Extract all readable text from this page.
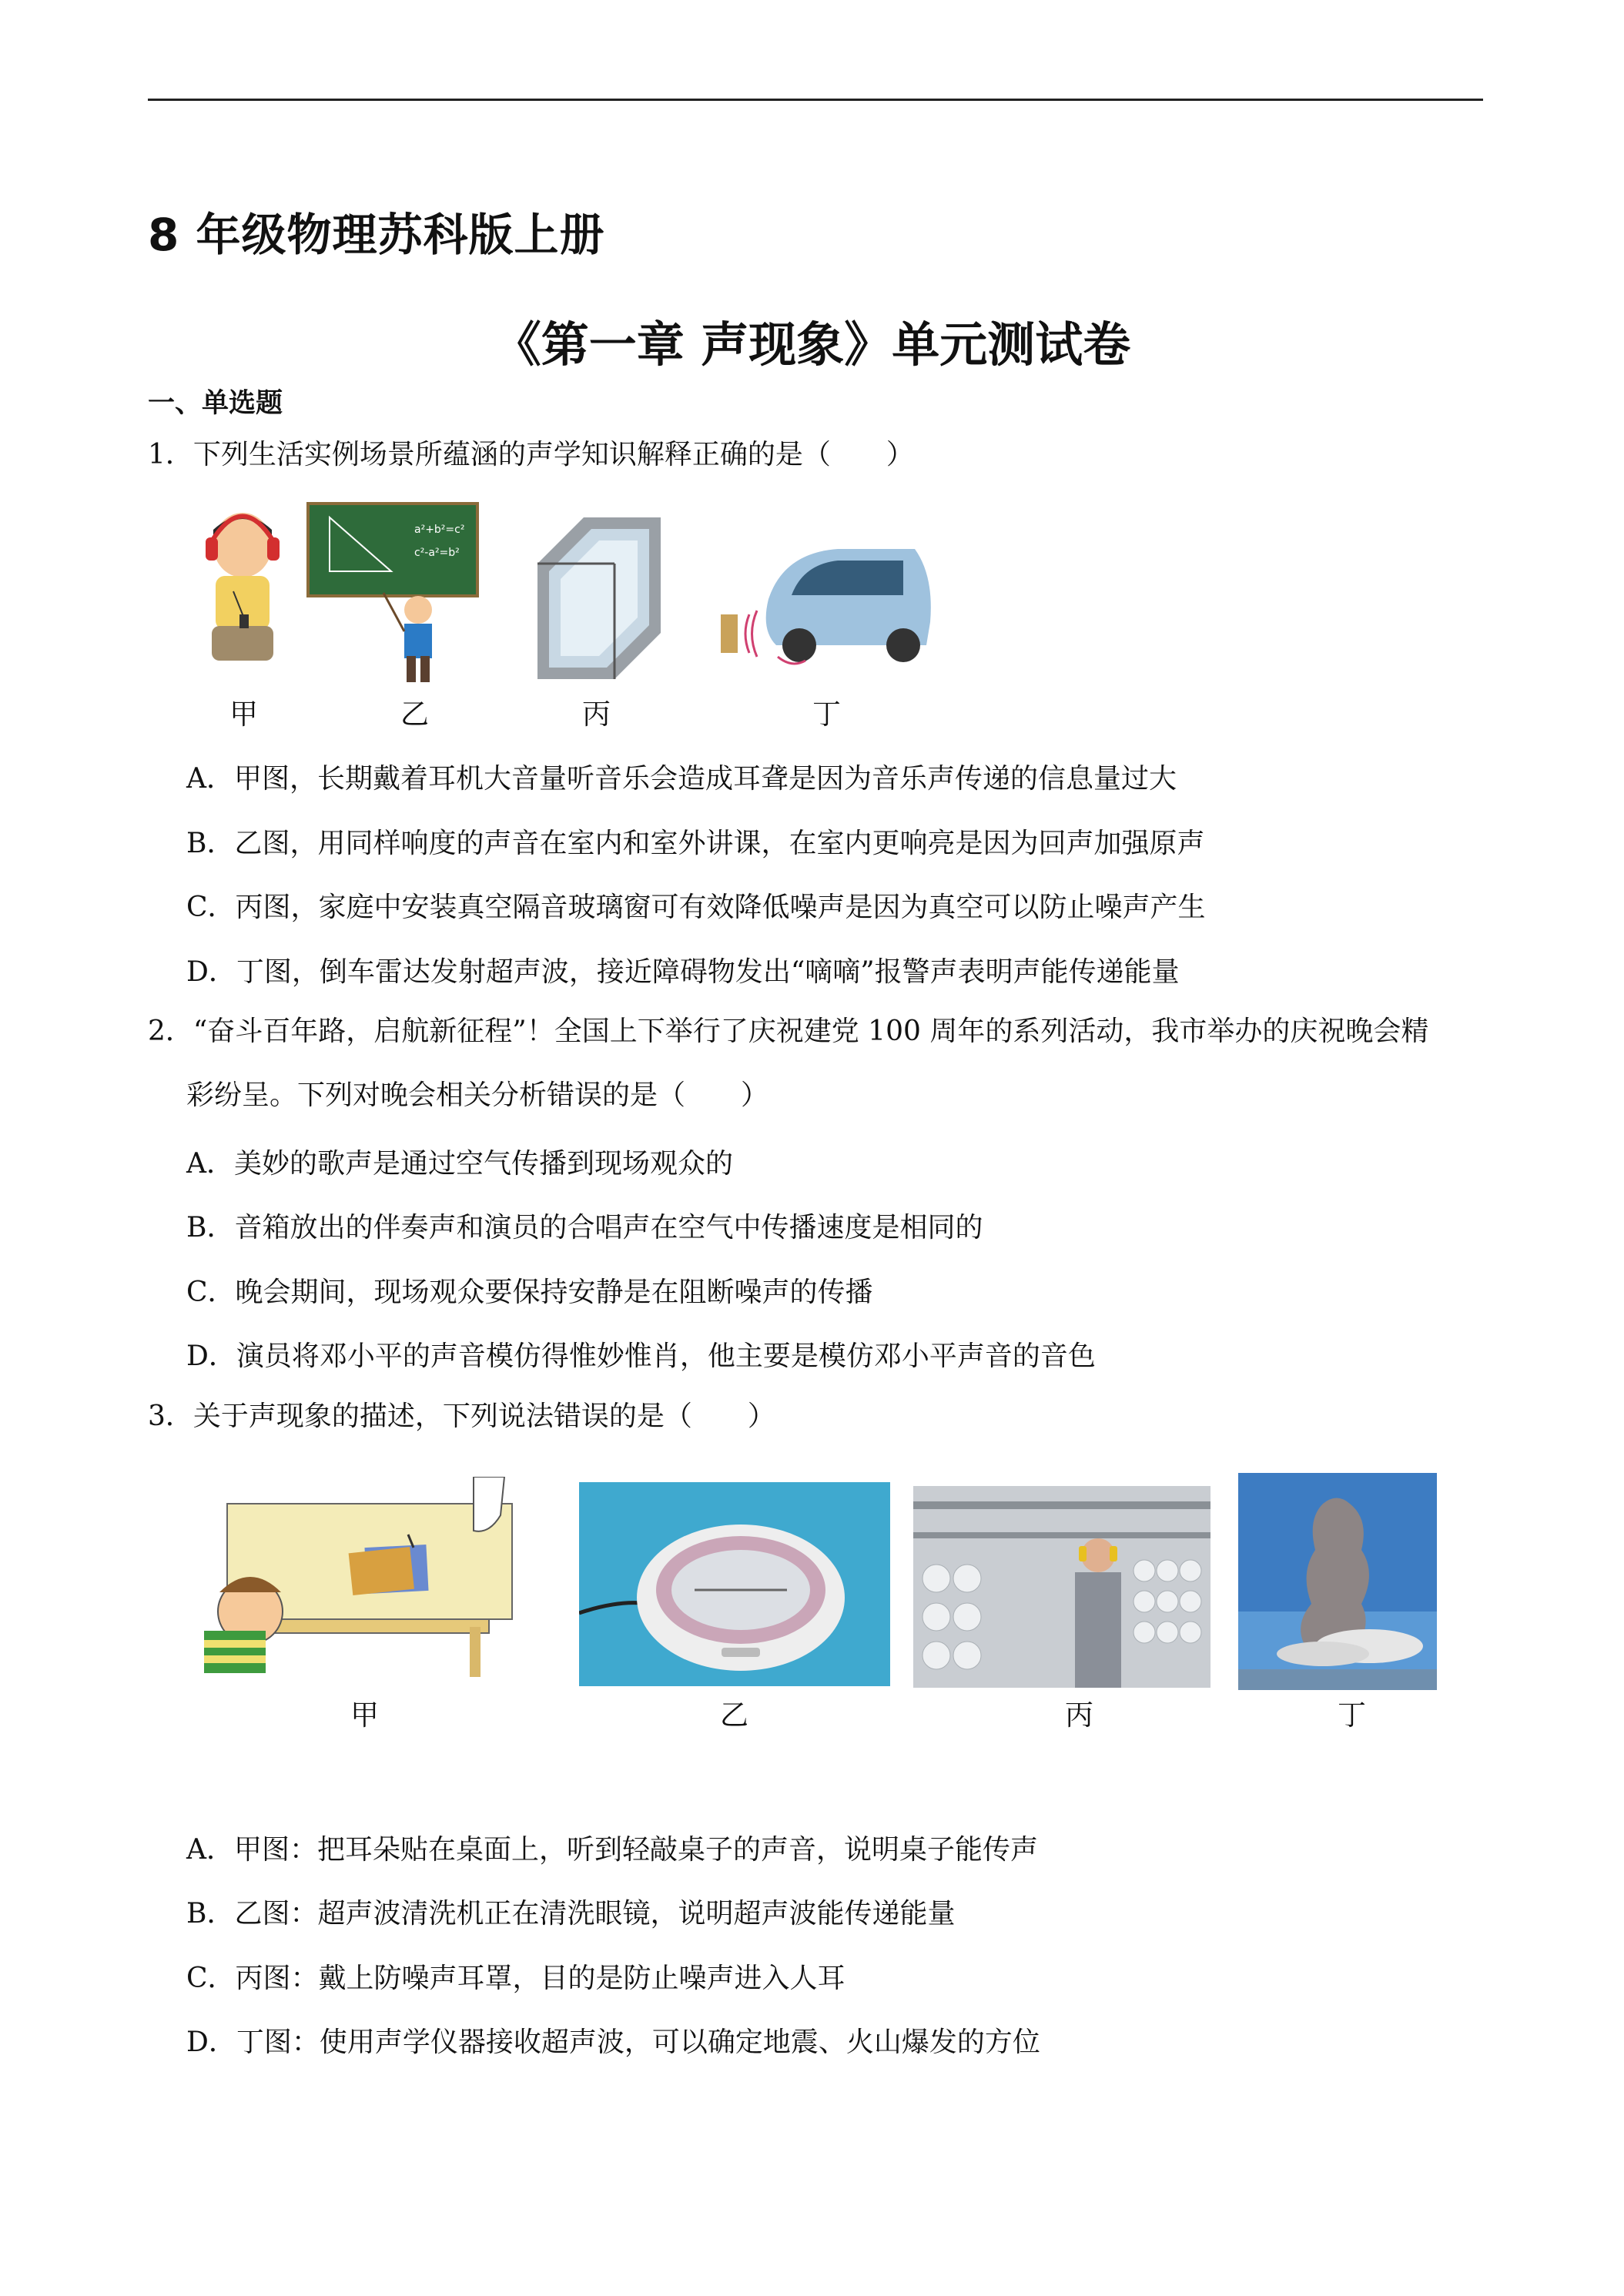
8 年级物理苏科版上册
《第一章 声现象》单元测试卷
一、单选题
1．下列生活实例场景所蕴涵的声学知识解释正确的是（　　）
a²+b²=c²
c²-a²=b²
甲	乙	丙	丁
A．甲图，长期戴着耳机大音量听音乐会造成耳聋是因为音乐声传递的信息量过大
B．乙图，用同样响度的声音在室内和室外讲课，在室内更响亮是因为回声加强原声
C．丙图，家庭中安装真空隔音玻璃窗可有效降低噪声是因为真空可以防止噪声产生
D．丁图，倒车雷达发射超声波，接近障碍物发出“嘀嘀”报警声表明声能传递能量
2．“奋斗百年路，启航新征程”！全国上下举行了庆祝建党 100 周年的系列活动，我市举办的庆祝晚会精
彩纷呈。下列对晚会相关分析错误的是（　　）
A．美妙的歌声是通过空气传播到现场观众的
B．音箱放出的伴奏声和演员的合唱声在空气中传播速度是相同的
C．晚会期间，现场观众要保持安静是在阻断噪声的传播
D．演员将邓小平的声音模仿得惟妙惟肖，他主要是模仿邓小平声音的音色
3．关于声现象的描述，下列说法错误的是（　　）
甲	乙	丙	丁
A．甲图：把耳朵贴在桌面上，听到轻敲桌子的声音，说明桌子能传声
B．乙图：超声波清洗机正在清洗眼镜，说明超声波能传递能量
C．丙图：戴上防噪声耳罩，目的是防止噪声进入人耳
D．丁图：使用声学仪器接收超声波，可以确定地震、火山爆发的方位
